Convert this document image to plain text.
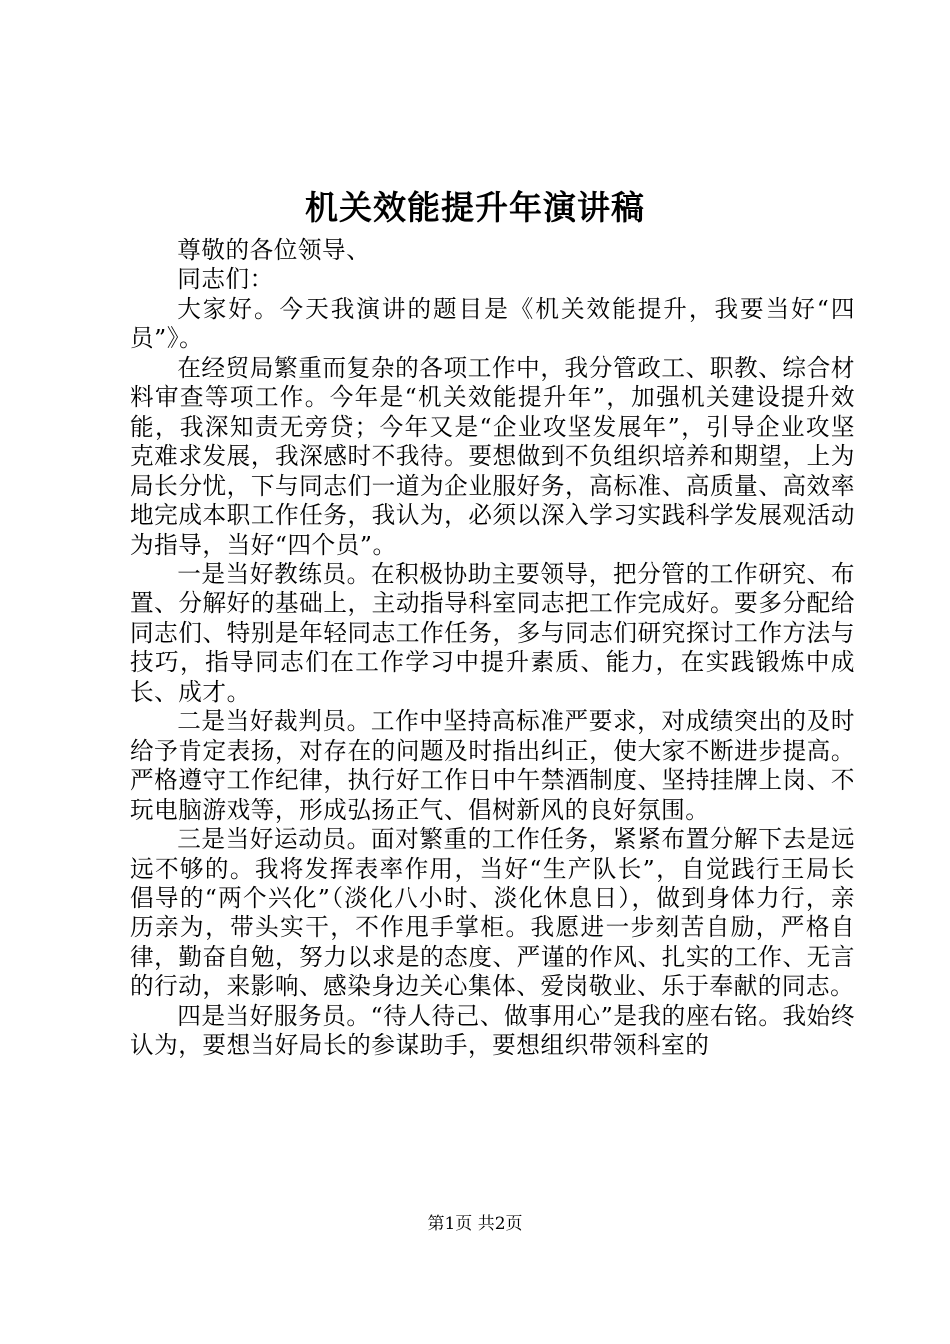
机关效能提升年演讲稿

尊敬的各位领导、

同志们：

大家好。今天我演讲的题目是《机关效能提升，我要当好“四员”》。

在经贸局繁重而复杂的各项工作中，我分管政工、职教、综合材料审查等项工作。今年是“机关效能提升年”，加强机关建设提升效能，我深知责无旁贷；今年又是“企业攻坚发展年”，引导企业攻坚克难求发展，我深感时不我待。要想做到不负组织培养和期望，上为局长分忧，下与同志们一道为企业服好务，高标准、高质量、高效率地完成本职工作任务，我认为，必须以深入学习实践科学发展观活动为指导，当好“四个员”。

一是当好教练员。在积极协助主要领导，把分管的工作研究、布置、分解好的基础上，主动指导科室同志把工作完成好。要多分配给同志们、特别是年轻同志工作任务，多与同志们研究探讨工作方法与技巧，指导同志们在工作学习中提升素质、能力，在实践锻炼中成长、成才。

二是当好裁判员。工作中坚持高标准严要求，对成绩突出的及时给予肯定表扬，对存在的问题及时指出纠正，使大家不断进步提高。严格遵守工作纪律，执行好工作日中午禁酒制度、坚持挂牌上岗、不玩电脑游戏等，形成弘扬正气、倡树新风的良好氛围。

三是当好运动员。面对繁重的工作任务，紧紧布置分解下去是远远不够的。我将发挥表率作用，当好“生产队长”，自觉践行王局长倡导的“两个兴化”（淡化八小时、淡化休息日），做到身体力行，亲历亲为，带头实干，不作甩手掌柜。我愿进一步刻苦自励，严格自律，勤奋自勉，努力以求是的态度、严谨的作风、扎实的工作、无言的行动，来影响、感染身边关心集体、爱岗敬业、乐于奉献的同志。

四是当好服务员。“待人待己、做事用心”是我的座右铭。我始终认为，要想当好局长的参谋助手，要想组织带领科室的

第1页 共2页
